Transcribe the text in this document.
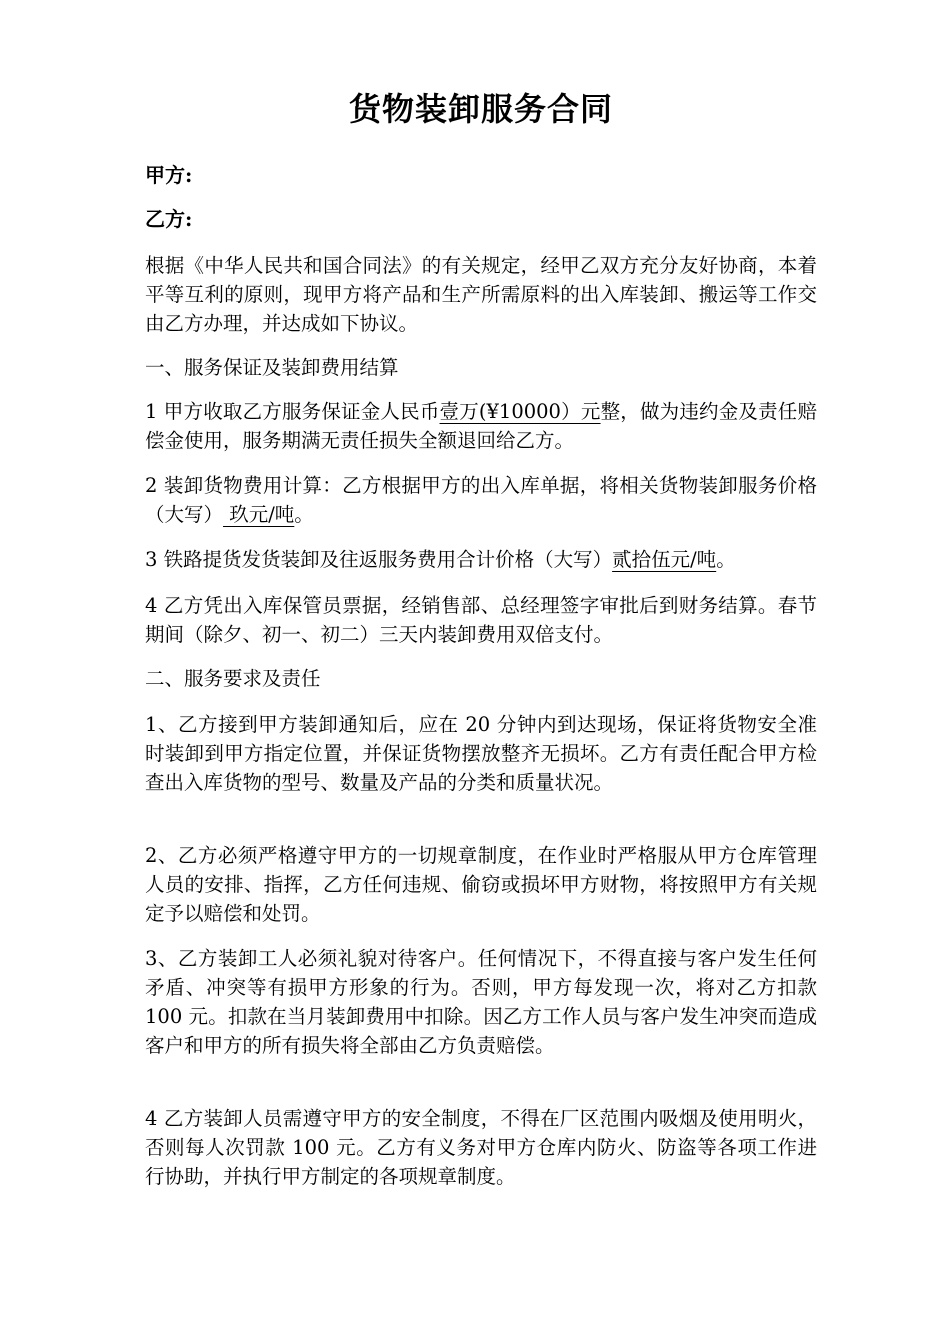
货物装卸服务合同

甲方:

乙方:

根据《中华人民共和国合同法》的有关规定，经甲乙双方充分友好协商，本着平等互利的原则，现甲方将产品和生产所需原料的出入库装卸、搬运等工作交由乙方办理，并达成如下协议。

一、服务保证及装卸费用结算

1 甲方收取乙方服务保证金人民币壹万(¥10000）元整，做为违约金及责任赔偿金使用，服务期满无责任损失全额退回给乙方。

2 装卸货物费用计算：乙方根据甲方的出入库单据，将相关货物装卸服务价格（大写） 玖元/吨。

3 铁路提货发货装卸及往返服务费用合计价格（大写）贰拾伍元/吨。

4 乙方凭出入库保管员票据，经销售部、总经理签字审批后到财务结算。春节期间（除夕、初一、初二）三天内装卸费用双倍支付。

二、服务要求及责任

1、乙方接到甲方装卸通知后，应在 20 分钟内到达现场，保证将货物安全准时装卸到甲方指定位置，并保证货物摆放整齐无损坏。乙方有责任配合甲方检查出入库货物的型号、数量及产品的分类和质量状况。

2、乙方必须严格遵守甲方的一切规章制度，在作业时严格服从甲方仓库管理人员的安排、指挥，乙方任何违规、偷窃或损坏甲方财物，将按照甲方有关规定予以赔偿和处罚。

3、乙方装卸工人必须礼貌对待客户。任何情况下，不得直接与客户发生任何矛盾、冲突等有损甲方形象的行为。否则，甲方每发现一次，将对乙方扣款 100 元。扣款在当月装卸费用中扣除。因乙方工作人员与客户发生冲突而造成客户和甲方的所有损失将全部由乙方负责赔偿。

4 乙方装卸人员需遵守甲方的安全制度，不得在厂区范围内吸烟及使用明火，否则每人次罚款 100 元。乙方有义务对甲方仓库内防火、防盗等各项工作进行协助，并执行甲方制定的各项规章制度。
